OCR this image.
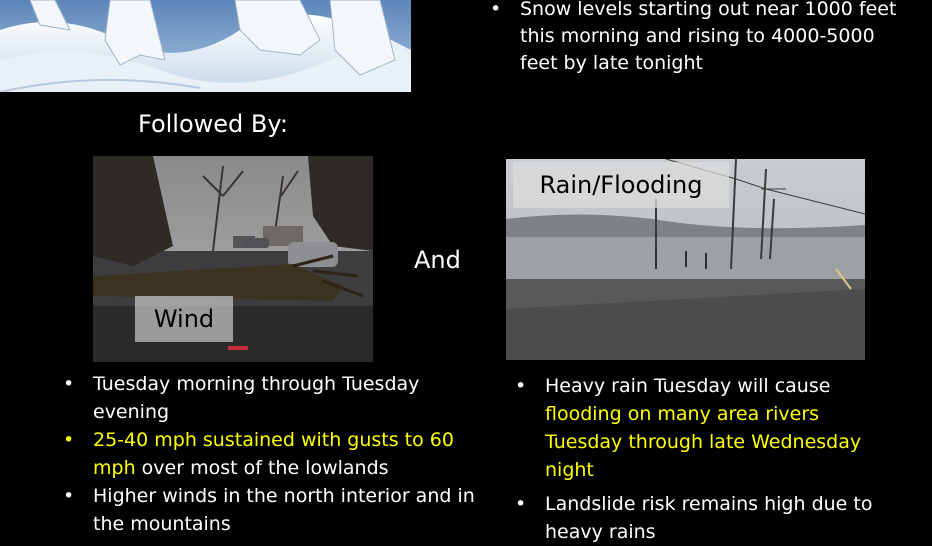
• Snow levels starting out near 1000 feet this morning and rising to 4000-5000 feet by late tonight
Followed By:
Wind
And
Rain/Flooding
• Tuesday morning through Tuesday evening
• 25-40 mph sustained with gusts to 60 mph over most of the lowlands
• Higher winds in the north interior and in the mountains
• Heavy rain Tuesday will cause flooding on many area rivers Tuesday through late Wednesday night
• Landslide risk remains high due to heavy rains
